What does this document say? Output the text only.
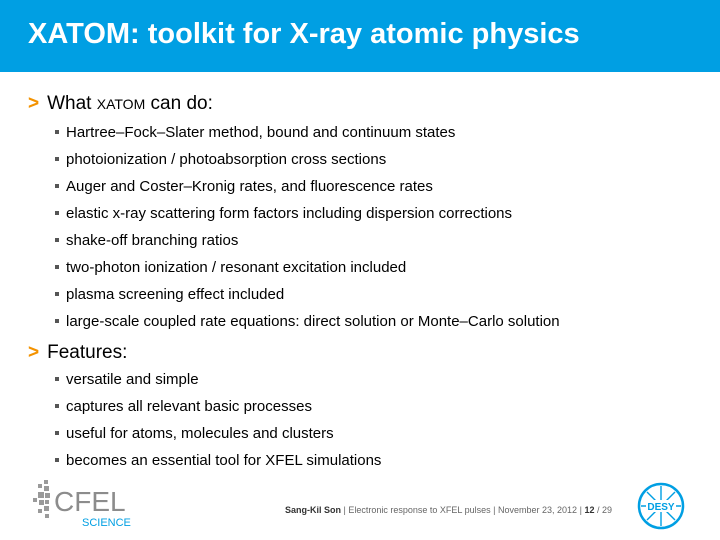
XATOM: toolkit for X-ray atomic physics
> What XATOM can do:
Hartree–Fock–Slater method, bound and continuum states
photoionization / photoabsorption cross sections
Auger and Coster–Kronig rates, and fluorescence rates
elastic x-ray scattering form factors including dispersion corrections
shake-off branching ratios
two-photon ionization / resonant excitation included
plasma screening effect included
large-scale coupled rate equations: direct solution or Monte–Carlo solution
> Features:
versatile and simple
captures all relevant basic processes
useful for atoms, molecules and clusters
becomes an essential tool for XFEL simulations
CFEL
SCIENCE
Sang-Kil Son | Electronic response to XFEL pulses | November 23, 2012 | 12 / 29	DESY
